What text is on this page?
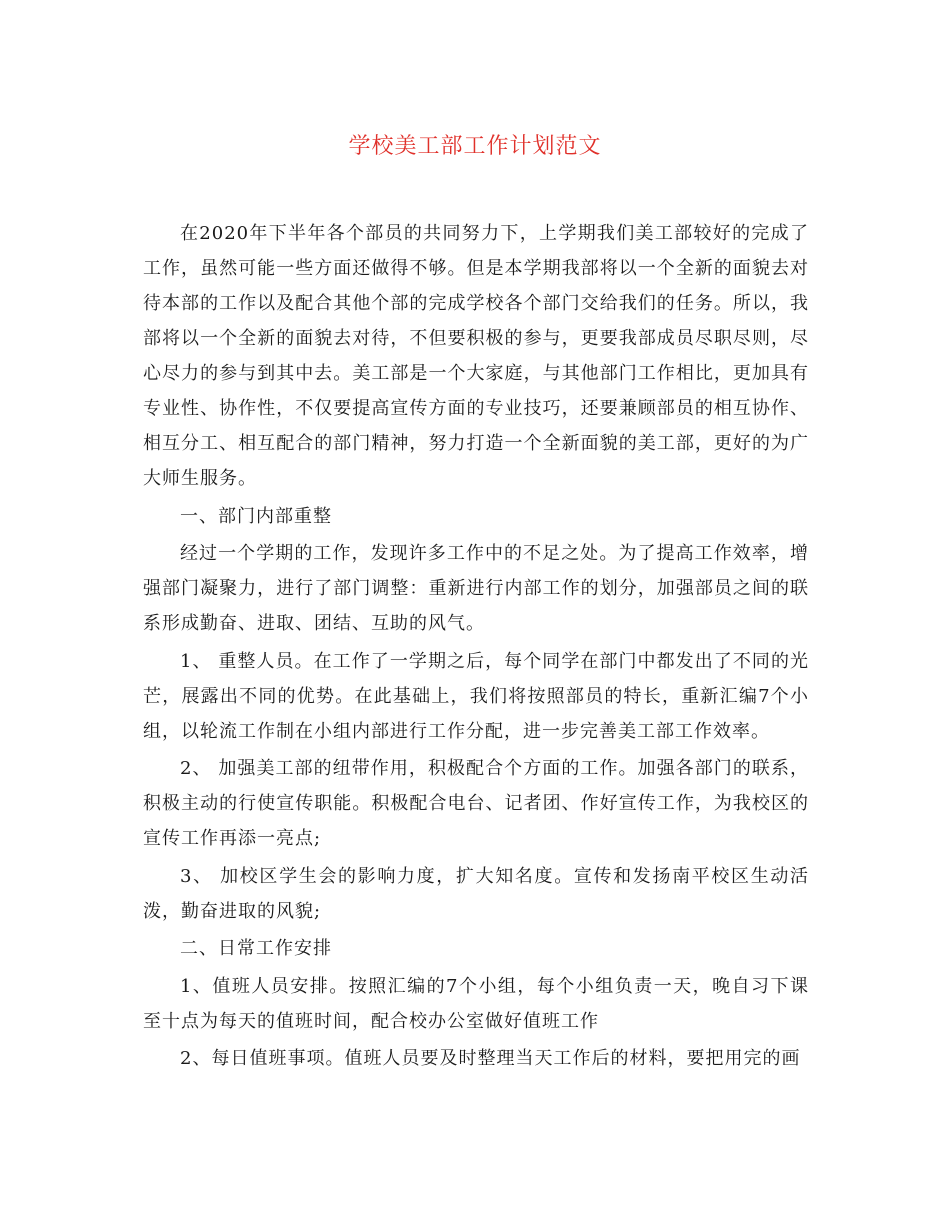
学校美工部工作计划范文

在2020年下半年各个部员的共同努力下，上学期我们美工部较好的完成了工作，虽然可能一些方面还做得不够。但是本学期我部将以一个全新的面貌去对待本部的工作以及配合其他个部的完成学校各个部门交给我们的任务。所以，我部将以一个全新的面貌去对待，不但要积极的参与，更要我部成员尽职尽则，尽心尽力的参与到其中去。美工部是一个大家庭，与其他部门工作相比，更加具有专业性、协作性，不仅要提高宣传方面的专业技巧，还要兼顾部员的相互协作、相互分工、相互配合的部门精神，努力打造一个全新面貌的美工部，更好的为广大师生服务。

一、部门内部重整

经过一个学期的工作，发现许多工作中的不足之处。为了提高工作效率，增强部门凝聚力，进行了部门调整：重新进行内部工作的划分，加强部员之间的联系形成勤奋、进取、团结、互助的风气。

1、 重整人员。在工作了一学期之后，每个同学在部门中都发出了不同的光芒，展露出不同的优势。在此基础上，我们将按照部员的特长，重新汇编7个小组，以轮流工作制在小组内部进行工作分配，进一步完善美工部工作效率。

2、 加强美工部的纽带作用，积极配合个方面的工作。加强各部门的联系，积极主动的行使宣传职能。积极配合电台、记者团、作好宣传工作，为我校区的宣传工作再添一亮点;

3、 加校区学生会的影响力度，扩大知名度。宣传和发扬南平校区生动活泼，勤奋进取的风貌;

二、日常工作安排

1、值班人员安排。按照汇编的7个小组，每个小组负责一天，晚自习下课至十点为每天的值班时间，配合校办公室做好值班工作

2、每日值班事项。值班人员要及时整理当天工作后的材料，要把用完的画
